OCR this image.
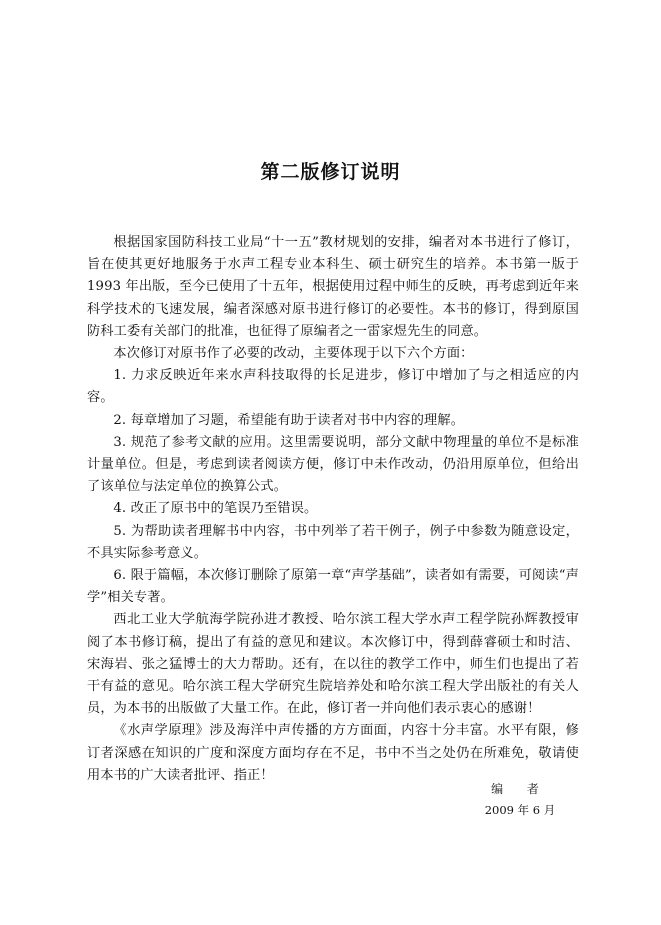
第二版修订说明

根据国家国防科技工业局“十一五”教材规划的安排，编者对本书进行了修订，旨在使其更好地服务于水声工程专业本科生、硕士研究生的培养。本书第一版于 1993 年出版，至今已使用了十五年，根据使用过程中师生的反映，再考虑到近年来科学技术的飞速发展，编者深感对原书进行修订的必要性。本书的修订，得到原国防科工委有关部门的批准，也征得了原编者之一雷家煜先生的同意。

本次修订对原书作了必要的改动，主要体现于以下六个方面：

1. 力求反映近年来水声科技取得的长足进步，修订中增加了与之相适应的内容。

2. 每章增加了习题，希望能有助于读者对书中内容的理解。

3. 规范了参考文献的应用。这里需要说明，部分文献中物理量的单位不是标准计量单位。但是，考虑到读者阅读方便，修订中未作改动，仍沿用原单位，但给出了该单位与法定单位的换算公式。

4. 改正了原书中的笔误乃至错误。

5. 为帮助读者理解书中内容，书中列举了若干例子，例子中参数为随意设定，不具实际参考意义。

6. 限于篇幅，本次修订删除了原第一章“声学基础”，读者如有需要，可阅读“声学”相关专著。

西北工业大学航海学院孙进才教授、哈尔滨工程大学水声工程学院孙辉教授审阅了本书修订稿，提出了有益的意见和建议。本次修订中，得到薛睿硕士和时洁、宋海岩、张之猛博士的大力帮助。还有，在以往的教学工作中，师生们也提出了若干有益的意见。哈尔滨工程大学研究生院培养处和哈尔滨工程大学出版社的有关人员，为本书的出版做了大量工作。在此，修订者一并向他们表示衷心的感谢！

《水声学原理》涉及海洋中声传播的方方面面，内容十分丰富。水平有限，修订者深感在知识的广度和深度方面均存在不足，书中不当之处仍在所难免，敬请使用本书的广大读者批评、指正！

编 者
2009 年 6 月
